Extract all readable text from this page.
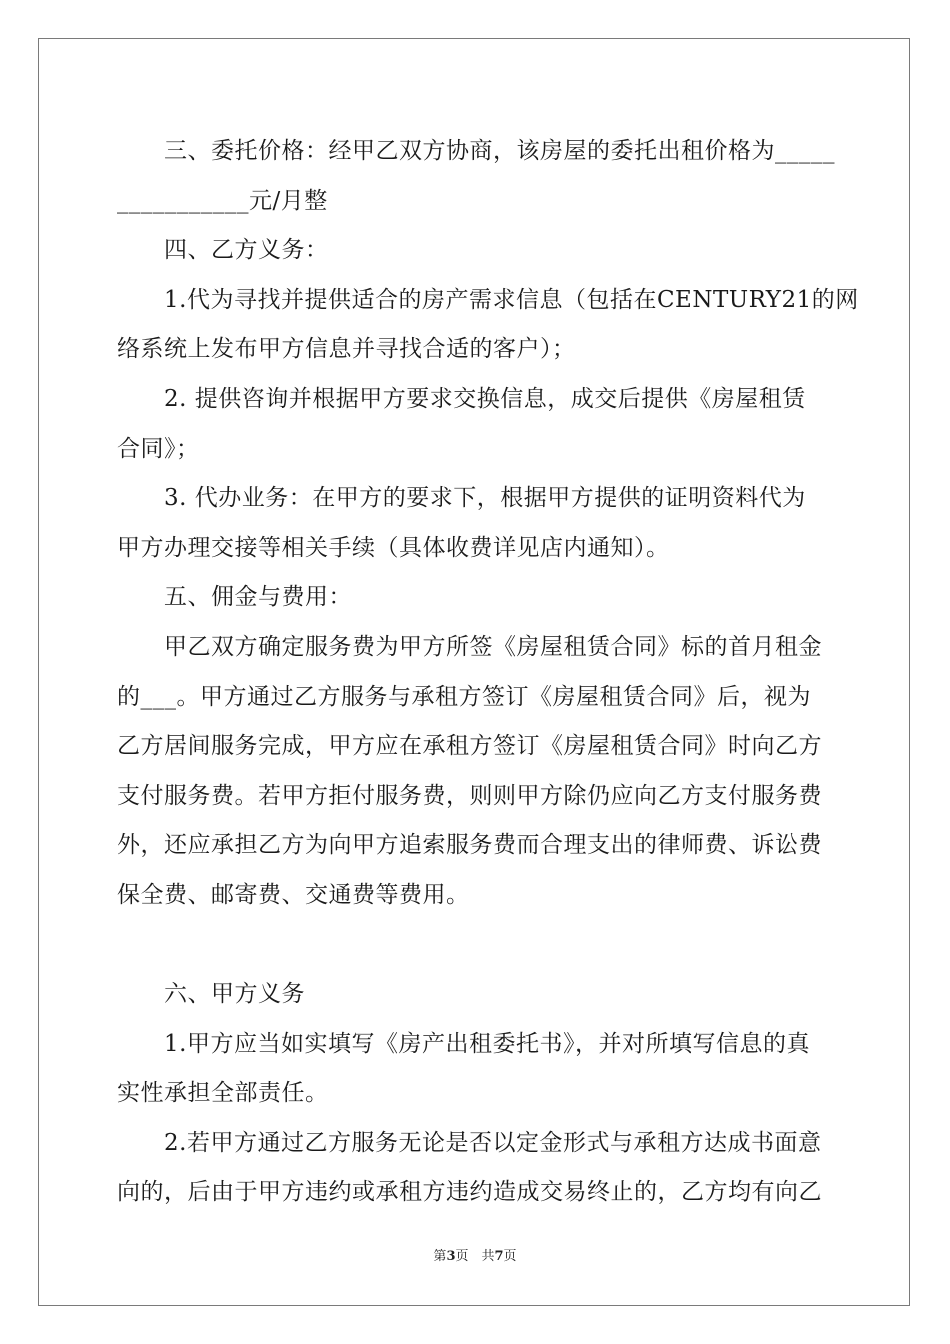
　　三、委托价格：经甲乙双方协商，该房屋的委托出租价格为_____
___________元/月整
　　四、乙方义务：
　　1.代为寻找并提供适合的房产需求信息（包括在CENTURY21的网
络系统上发布甲方信息并寻找合适的客户）；
　　2. 提供咨询并根据甲方要求交换信息，成交后提供《房屋租赁
合同》；
　　3. 代办业务：在甲方的要求下，根据甲方提供的证明资料代为
甲方办理交接等相关手续（具体收费详见店内通知）。
　　五、佣金与费用：
　　甲乙双方确定服务费为甲方所签《房屋租赁合同》标的首月租金
的___。甲方通过乙方服务与承租方签订《房屋租赁合同》后，视为
乙方居间服务完成，甲方应在承租方签订《房屋租赁合同》时向乙方
支付服务费。若甲方拒付服务费，则则甲方除仍应向乙方支付服务费
外，还应承担乙方为向甲方追索服务费而合理支出的律师费、诉讼费
保全费、邮寄费、交通费等费用。
　　六、甲方义务
　　1.甲方应当如实填写《房产出租委托书》，并对所填写信息的真
实性承担全部责任。
　　2.若甲方通过乙方服务无论是否以定金形式与承租方达成书面意
向的，后由于甲方违约或承租方违约造成交易终止的，乙方均有向乙
第3页　共7页
